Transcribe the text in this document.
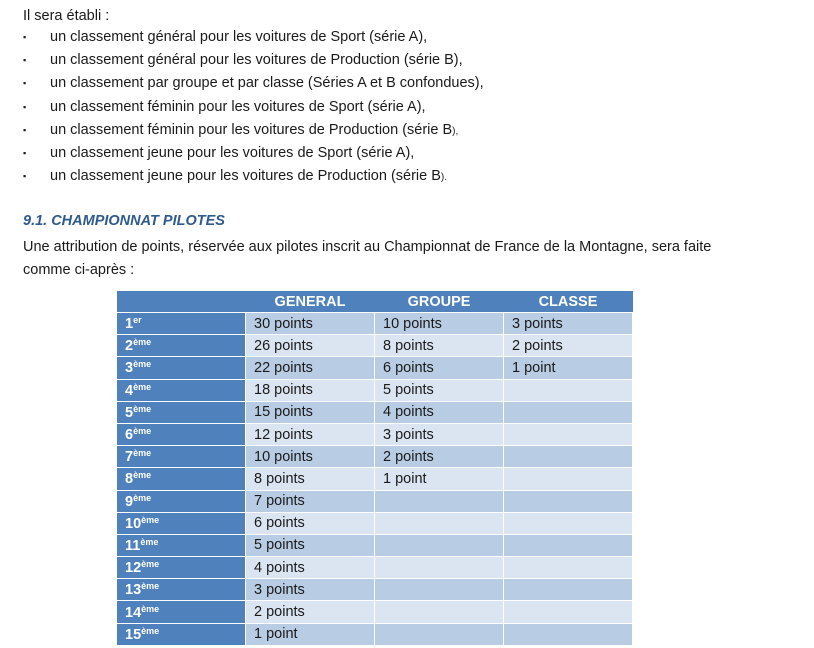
Il sera établi :
▪	un classement général pour les voitures de Sport (série A),
▪	un classement général pour les voitures de Production (série B),
▪	un classement par groupe et par classe (Séries A et B confondues),
▪	un classement féminin pour les voitures de Sport (série A),
▪	un classement féminin pour les voitures de Production (série B),
▪	un classement jeune pour les voitures de Sport (série A),
▪	un classement jeune pour les voitures de Production (série B).
9.1. CHAMPIONNAT PILOTES
Une attribution de points, réservée aux pilotes inscrit au Championnat de France de la Montagne, sera faite comme ci-après :
	GENERAL	GROUPE	CLASSE
1er	30 points	10 points	3 points
2ème	26 points	8 points	2 points
3ème	22 points	6 points	1 point
4ème	18 points	5 points	
5ème	15 points	4 points	
6ème	12 points	3 points	
7ème	10 points	2 points	
8ème	8 points	1 point	
9ème	7 points		
10ème	6 points		
11ème	5 points		
12ème	4 points		
13ème	3 points		
14ème	2 points		
15ème	1 point		
